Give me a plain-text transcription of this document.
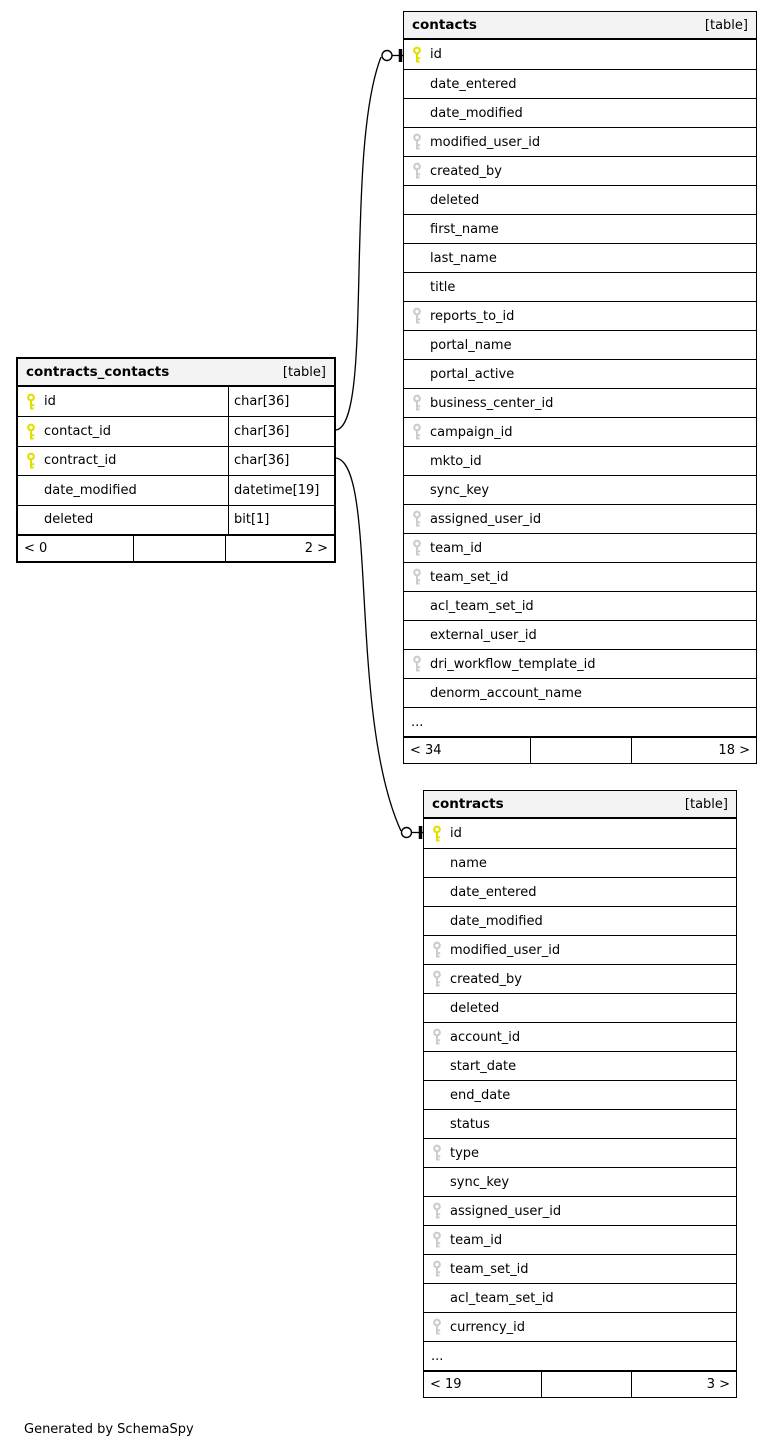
contracts_contacts	[table]
id	char[36]
contact_id	char[36]
contract_id	char[36]
date_modified	datetime[19]
deleted	bit[1]
< 0	2 >
contacts	[table]
id
date_entered
date_modified
modified_user_id
created_by
deleted
first_name
last_name
title
reports_to_id
portal_name
portal_active
business_center_id
campaign_id
mkto_id
sync_key
assigned_user_id
team_id
team_set_id
acl_team_set_id
external_user_id
dri_workflow_template_id
denorm_account_name
...
< 34	18 >
contracts	[table]
id
name
date_entered
date_modified
modified_user_id
created_by
deleted
account_id
start_date
end_date
status
type
sync_key
assigned_user_id
team_id
team_set_id
acl_team_set_id
currency_id
...
< 19	3 >
Generated by SchemaSpy
